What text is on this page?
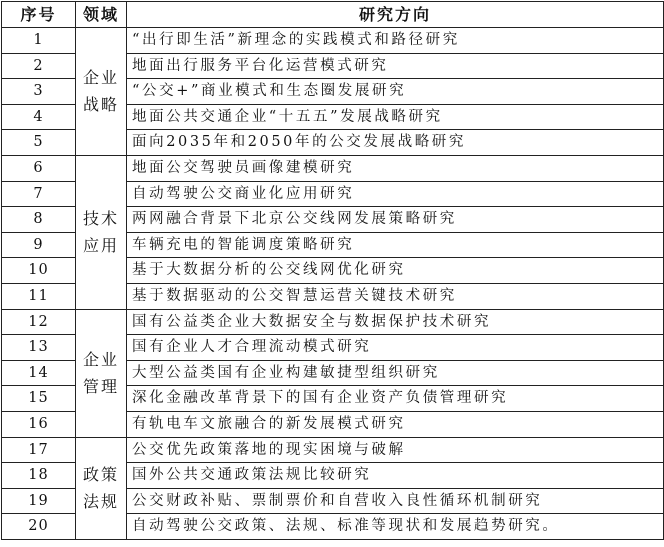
序号	领域	研究方向
1	企业战略	“出行即生活”新理念的实践模式和路径研究
2		地面出行服务平台化运营模式研究
3		“公交+”商业模式和生态圈发展研究
4		地面公共交通企业“十五五”发展战略研究
5		面向2035年和2050年的公交发展战略研究
6	技术应用	地面公交驾驶员画像建模研究
7		自动驾驶公交商业化应用研究
8		两网融合背景下北京公交线网发展策略研究
9		车辆充电的智能调度策略研究
10		基于大数据分析的公交线网优化研究
11		基于数据驱动的公交智慧运营关键技术研究
12	企业管理	国有公益类企业大数据安全与数据保护技术研究
13		国有企业人才合理流动模式研究
14		大型公益类国有企业构建敏捷型组织研究
15		深化金融改革背景下的国有企业资产负债管理研究
16		有轨电车文旅融合的新发展模式研究
17	政策法规	公交优先政策落地的现实困境与破解
18		国外公共交通政策法规比较研究
19		公交财政补贴、票制票价和自营收入良性循环机制研究
20		自动驾驶公交政策、法规、标准等现状和发展趋势研究。
